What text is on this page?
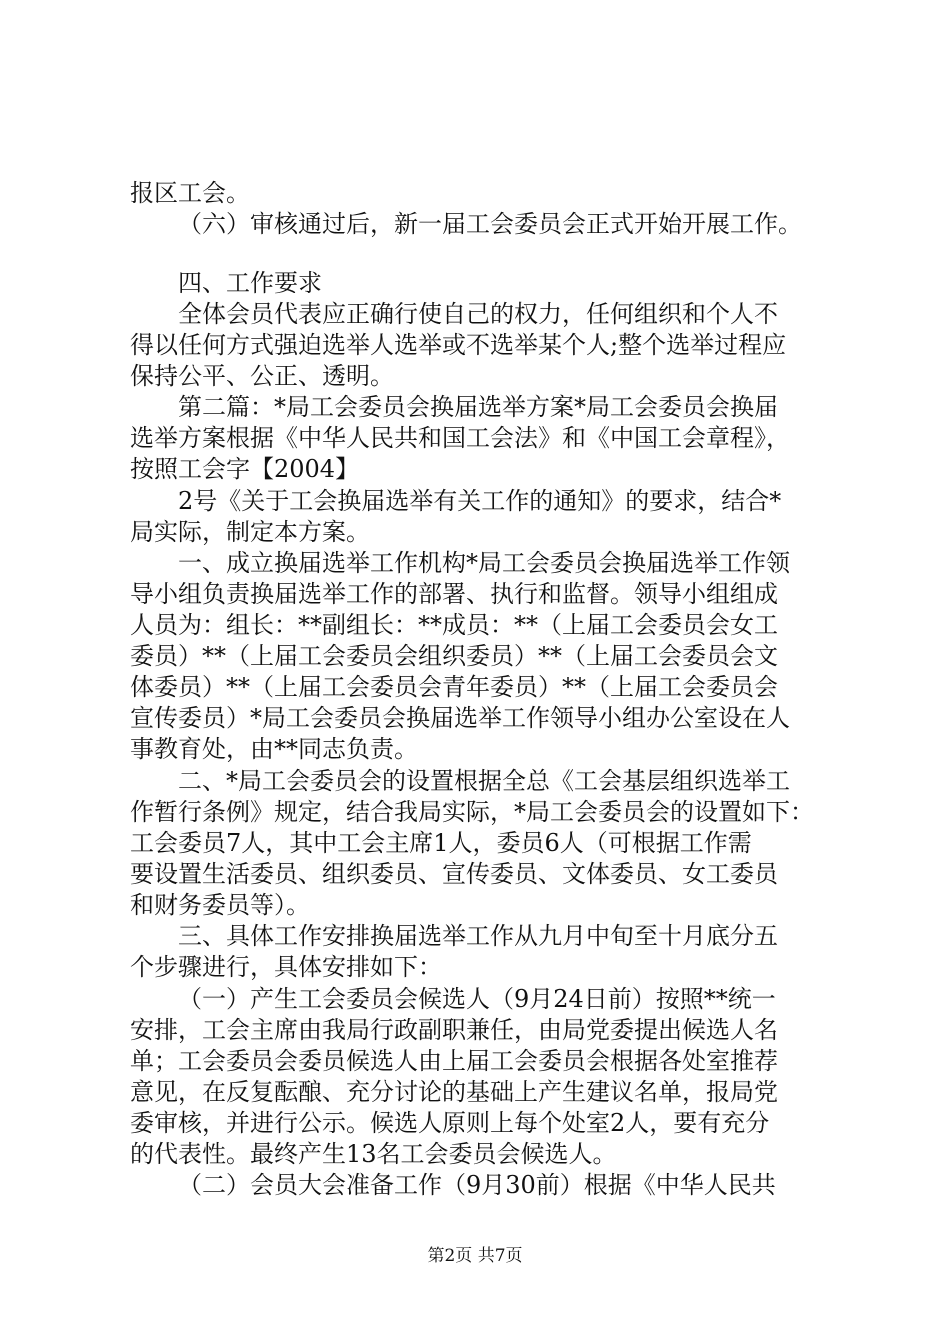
报区工会。
（六）审核通过后，新一届工会委员会正式开始开展工作。
四、工作要求
全体会员代表应正确行使自己的权力，任何组织和个人不
得以任何方式强迫选举人选举或不选举某个人;整个选举过程应
保持公平、公正、透明。
第二篇：*局工会委员会换届选举方案*局工会委员会换届
选举方案根据《中华人民共和国工会法》和《中国工会章程》，
按照工会字【2004】
2号《关于工会换届选举有关工作的通知》的要求，结合*
局实际，制定本方案。
一、成立换届选举工作机构*局工会委员会换届选举工作领
导小组负责换届选举工作的部署、执行和监督。领导小组组成
人员为：组长：**副组长：**成员：**（上届工会委员会女工
委员）**（上届工会委员会组织委员）**（上届工会委员会文
体委员）**（上届工会委员会青年委员）**（上届工会委员会
宣传委员）*局工会委员会换届选举工作领导小组办公室设在人
事教育处，由**同志负责。
二、*局工会委员会的设置根据全总《工会基层组织选举工
作暂行条例》规定，结合我局实际，*局工会委员会的设置如下：
工会委员7人，其中工会主席1人，委员6人（可根据工作需
要设置生活委员、组织委员、宣传委员、文体委员、女工委员
和财务委员等）。
三、具体工作安排换届选举工作从九月中旬至十月底分五
个步骤进行，具体安排如下：
（一）产生工会委员会候选人（9月24日前）按照**统一
安排，工会主席由我局行政副职兼任，由局党委提出候选人名
单；工会委员会委员候选人由上届工会委员会根据各处室推荐
意见，在反复酝酿、充分讨论的基础上产生建议名单，报局党
委审核，并进行公示。候选人原则上每个处室2人，要有充分
的代表性。最终产生13名工会委员会候选人。
（二）会员大会准备工作（9月30前）根据《中华人民共
第2页 共7页
